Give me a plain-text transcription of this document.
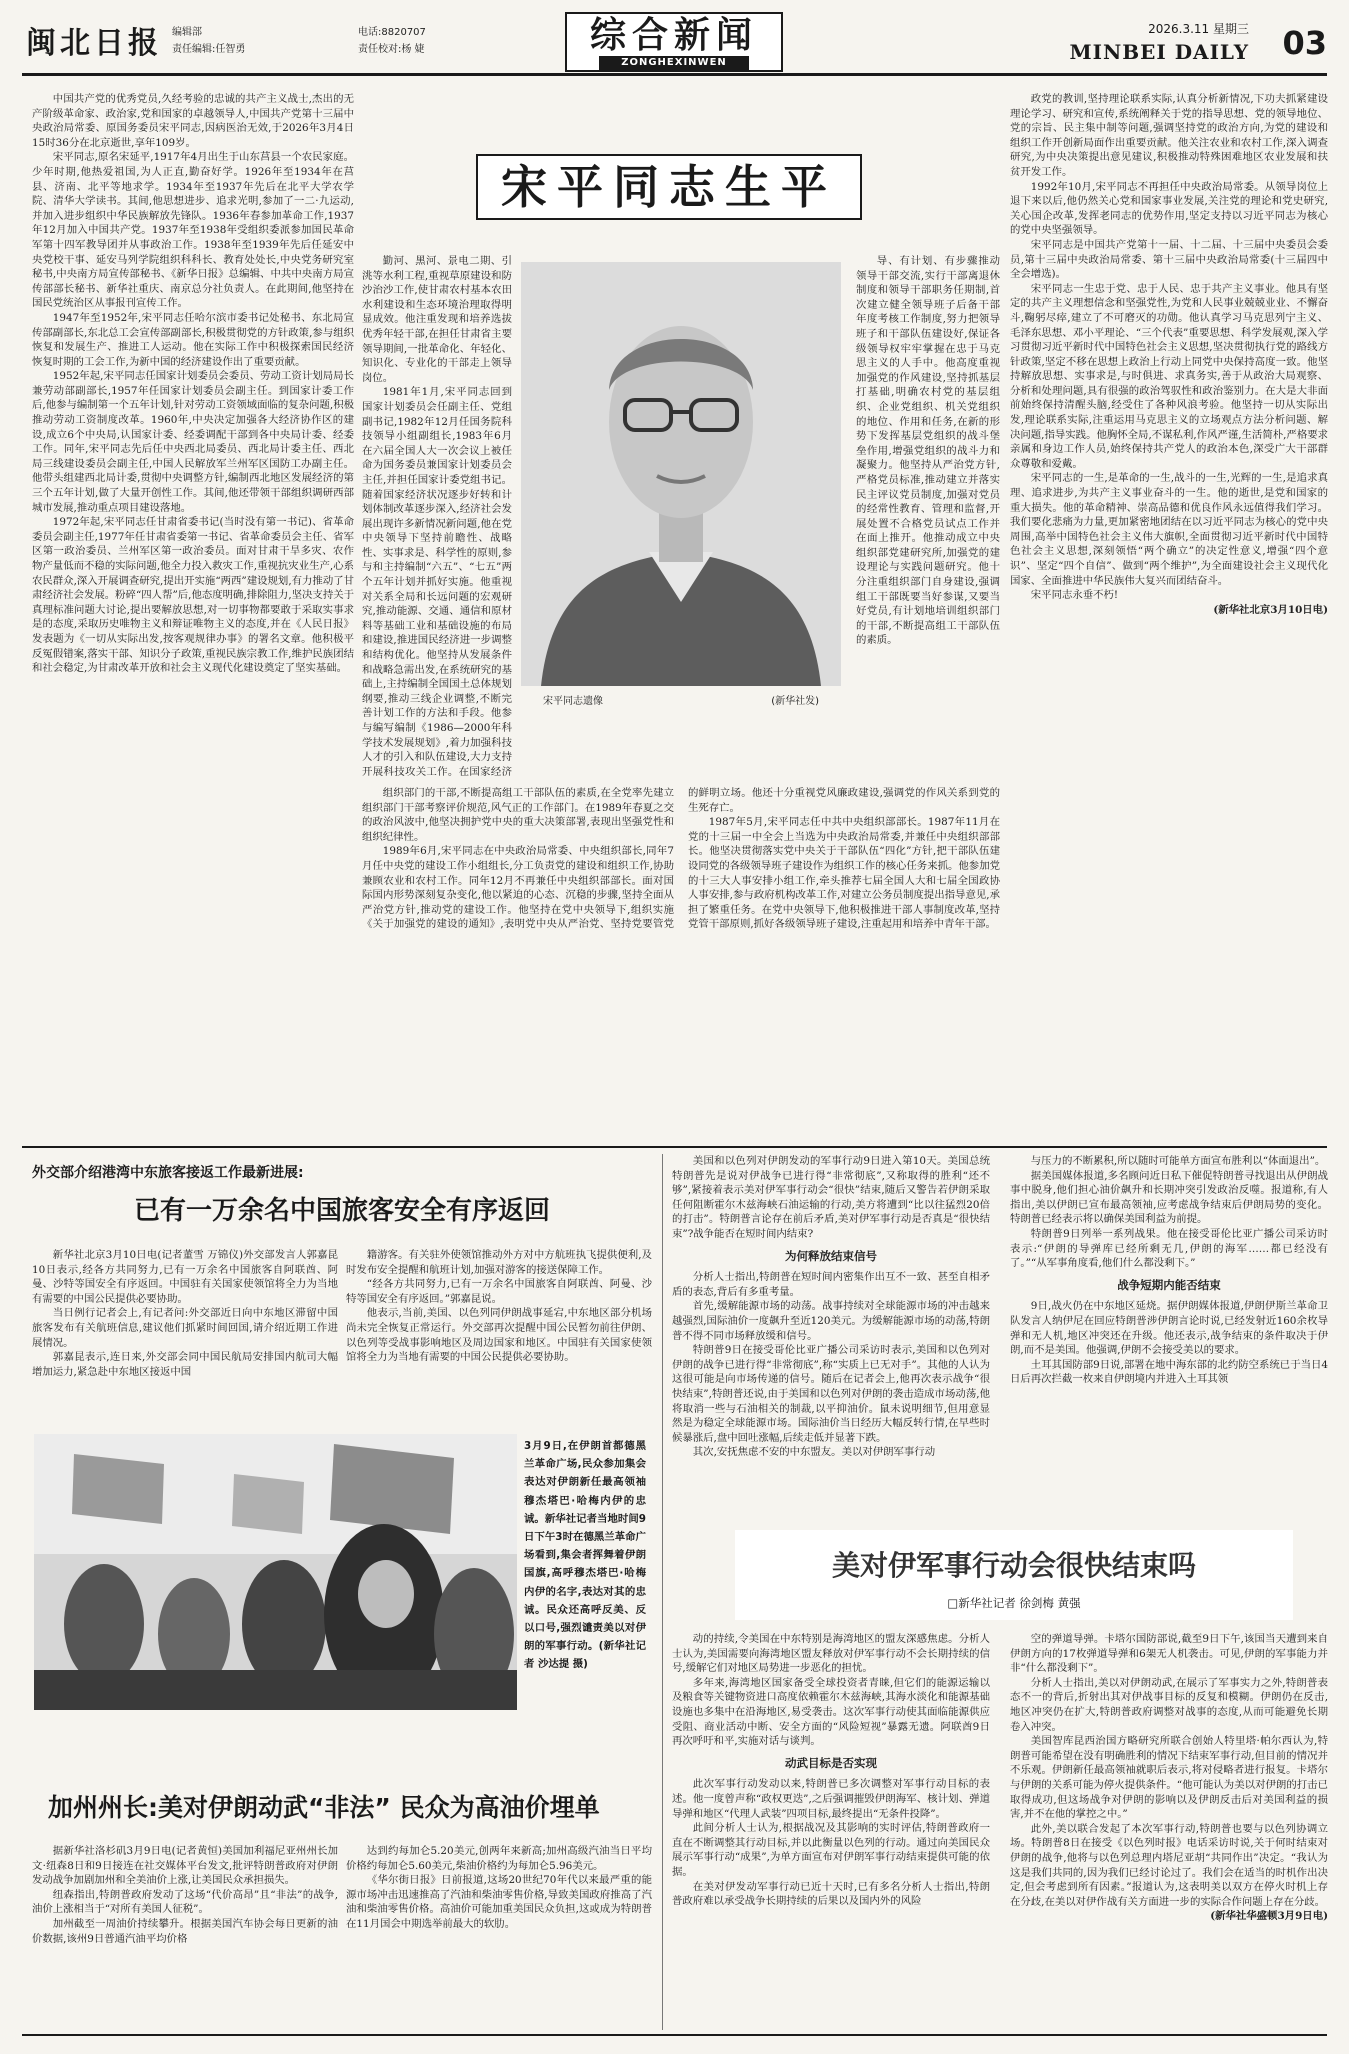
闽北日报 编辑部
责任编辑:任智勇
电话:8820707
责任校对:杨 婕	综合新闻
ZONGHEXINWEN
2026.3.11 星期三
MINBEI DAILY 03

中国共产党的优秀党员,久经考验的忠诚的共产主义战士,杰出的无产阶级革命家、政治家,党和国家的卓越领导人,中国共产党第十三届中央政治局常委、原国务委员宋平同志,因病医治无效,于2026年3月4日15时36分在北京逝世,享年109岁。

宋平同志,原名宋延平,1917年4月出生于山东莒县一个农民家庭。少年时期,他热爱祖国,为人正直,勤奋好学。1926年至1934年在莒县、济南、北平等地求学。1934年至1937年先后在北平大学农学院、清华大学读书。其间,他思想进步、追求光明,参加了一二·九运动,并加入进步组织中华民族解放先锋队。1936年春参加革命工作,1937年12月加入中国共产党。1937年至1938年受组织委派参加国民革命军第十四军教导团并从事政治工作。1938年至1939年先后任延安中央党校干事、延安马列学院组织科科长、教育处处长,中央党务研究室秘书,中央南方局宣传部秘书、《新华日报》总编辑、中共中央南方局宣传部部长秘书、新华社重庆、南京总分社负责人。在此期间,他坚持在国民党统治区从事报刊宣传工作。

1947年至1952年,宋平同志任哈尔滨市委书记处秘书、东北局宣传部副部长,东北总工会宣传部副部长,积极贯彻党的方针政策,参与组织恢复和发展生产、推进工人运动。他在实际工作中积极探索国民经济恢复时期的工会工作,为新中国的经济建设作出了重要贡献。

1952年起,宋平同志任国家计划委员会委员、劳动工资计划局局长兼劳动部副部长,1957年任国家计划委员会副主任。到国家计委工作后,他参与编制第一个五年计划,针对劳动工资领域面临的复杂问题,积极推动劳动工资制度改革。1960年,中央决定加强各大经济协作区的建设,成立6个中央局,认国家计委、经委调配干部到各中央局计委、经委工作。同年,宋平同志先后任中央西北局委员、西北局计委主任、西北局三线建设委员会副主任,中国人民解放军兰州军区国防工办副主任。他带头组建西北局计委,贯彻中央调整方针,编制西北地区发展经济的第三个五年计划,做了大量开创性工作。其间,他还带领干部组织调研西部城市发展,推动重点项目建设落地。

1972年起,宋平同志任甘肃省委书记(当时没有第一书记)、省革命委员会副主任,1977年任甘肃省委第一书记、省革命委员会主任、省军区第一政治委员、兰州军区第一政治委员。面对甘肃干旱多灾、农作物产量低而不稳的实际问题,他全力投入救灾工作,重视抗灾业生产,心系农民群众,深入开展调查研究,提出开实施“两西”建设规划,有力推动了甘肃经济社会发展。粉碎“四人帮”后,他态度明确,排除阻力,坚决支持关于真理标准问题大讨论,提出要解放思想,对一切事物都要敢于采取实事求是的态度,采取历史唯物主义和辩证唯物主义的态度,并在《人民日报》发表题为《一切从实际出发,按客观规律办事》的署名文章。他积极平反冤假错案,落实干部、知识分子政策,重视民族宗教工作,维护民族团结和社会稳定,为甘肃改革开放和社会主义现代化建设奠定了坚实基础。

宋平同志生平

勤河、黑河、景电二期、引洮等水利工程,重视草原建设和防沙治沙工作,使甘肃农村基本农田水利建设和生态环境治理取得明显成效。他注重发现和培养选拔优秀年轻干部,在担任甘肃省主要领导期间,一批革命化、年轻化、知识化、专业化的干部走上领导岗位。

1981年1月,宋平同志回到国家计划委员会任副主任、党组副书记,1982年12月任国务院科技领导小组副组长,1983年6月在六届全国人大一次会议上被任命为国务委员兼国家计划委员会主任,并担任国家计委党组书记。随着国家经济状况逐步好转和计划体制改革逐步深入,经济社会发展出现许多新情况新问题,他在党中央领导下坚持前瞻性、战略性、实事求是、科学性的原则,参与和主持编制“六五”、“七五”两个五年计划并抓好实施。他重视对关系全局和长远问题的宏观研究,推动能源、交通、通信和原材料等基础工业和基础设施的布局和建设,推进国民经济进一步调整和结构优化。他坚持从发展条件和战略急需出发,在系统研究的基础上,主持编制全国国土总体规划纲要,推动三线企业调整,不断完善计划工作的方法和手段。他参与编写编制《1986—2000年科学技术发展规划》,着力加强科技人才的引入和队伍建设,大力支持开展科技攻关工作。在国家经济

宋平同志遗像	(新华社发)

导、有计划、有步骤推动领导干部交流,实行干部离退休制度和领导干部职务任期制,首次建立健全领导班子后备干部年度考核工作制度,努力把领导班子和干部队伍建设好,保证各级领导权牢牢掌握在忠于马克思主义的人手中。他高度重视加强党的作风建设,坚持抓基层打基础,明确农村党的基层组织、企业党组织、机关党组织的地位、作用和任务,在新的形势下发挥基层党组织的战斗堡垒作用,增强党组织的战斗力和凝聚力。他坚持从严治党方针,严格党员标准,推动建立并落实民主评议党员制度,加强对党员的经常性教育、管理和监督,开展处置不合格党员试点工作并在面上推开。他推动成立中央组织部党建研究所,加强党的建设理论与实践问题研究。他十分注重组织部门自身建设,强调组工干部既要当好参谋,又要当好党员,有计划地培训组织部门的干部,不断提高组工干部队伍的素质。

组织部门的干部,不断提高组工干部队伍的素质,在全党率先建立组织部门干部考察评价规范,风气正的工作部门。在1989年春夏之交的政治风波中,他坚决拥护党中央的重大决策部署,表现出坚强党性和组织纪律性。

1989年6月,宋平同志在中央政治局常委、中央组织部长,同年7月任中央党的建设工作小组组长,分工负责党的建设和组织工作,协助兼顾农业和农村工作。同年12月不再兼任中央组织部部长。面对国际国内形势深刻复杂变化,他以紧迫的心态、沉稳的步骤,坚持全面从严治党方针,推动党的建设工作。他坚持在党中央领导下,组织实施《关于加强党的建设的通知》,表明党中央从严治党、坚持党要管党的鲜明立场。他还十分重视党风廉政建设,强调党的作风关系到党的生死存亡。

1987年5月,宋平同志任中共中央组织部部长。1987年11月在党的十三届一中全会上当选为中央政治局常委,并兼任中央组织部部长。他坚决贯彻落实党中央关于干部队伍“四化”方针,把干部队伍建设同党的各级领导班子建设作为组织工作的核心任务来抓。他参加党的十三大人事安排小组工作,牵头推荐七届全国人大和七届全国政协人事安排,参与政府机构改革工作,对建立公务员制度提出指导意见,承担了繁重任务。在党中央领导下,他积极推进干部人事制度改革,坚持党管干部原则,抓好各级领导班子建设,注重起用和培养中青年干部。

政党的教训,坚持理论联系实际,认真分析新情况,下功夫抓紧建设理论学习、研究和宣传,系统阐释关于党的指导思想、党的领导地位、党的宗旨、民主集中制等问题,强调坚持党的政治方向,为党的建设和组织工作开创新局面作出重要贡献。他关注农业和农村工作,深入调查研究,为中央决策提出意见建议,积极推动特殊困难地区农业发展和扶贫开发工作。

1992年10月,宋平同志不再担任中央政治局常委。从领导岗位上退下来以后,他仍然关心党和国家事业发展,关注党的理论和党史研究,关心国企改革,发挥老同志的优势作用,坚定支持以习近平同志为核心的党中央坚强领导。

宋平同志是中国共产党第十一届、十二届、十三届中央委员会委员,第十三届中央政治局常委、第十三届中央政治局常委(十三届四中全会增选)。

宋平同志一生忠于党、忠于人民、忠于共产主义事业。他具有坚定的共产主义理想信念和坚强党性,为党和人民事业兢兢业业、不懈奋斗,鞠躬尽瘁,建立了不可磨灭的功勋。他认真学习马克思列宁主义、毛泽东思想、邓小平理论、“三个代表”重要思想、科学发展观,深入学习贯彻习近平新时代中国特色社会主义思想,坚决贯彻执行党的路线方针政策,坚定不移在思想上政治上行动上同党中央保持高度一致。他坚持解放思想、实事求是,与时俱进、求真务实,善于从政治大局观察、分析和处理问题,具有很强的政治驾驭性和政治鉴别力。在大是大非面前始终保持清醒头脑,经受住了各种风浪考验。他坚持一切从实际出发,理论联系实际,注重运用马克思主义的立场观点方法分析问题、解决问题,指导实践。他胸怀全局,不谋私利,作风严谨,生活简朴,严格要求亲属和身边工作人员,始终保持共产党人的政治本色,深受广大干部群众尊敬和爱戴。

宋平同志的一生,是革命的一生,战斗的一生,光辉的一生,是追求真理、追求进步,为共产主义事业奋斗的一生。他的逝世,是党和国家的重大损失。他的革命精神、崇高品德和优良作风永远值得我们学习。我们要化悲痛为力量,更加紧密地团结在以习近平同志为核心的党中央周围,高举中国特色社会主义伟大旗帜,全面贯彻习近平新时代中国特色社会主义思想,深刻领悟“两个确立”的决定性意义,增强“四个意识”、坚定“四个自信”、做到“两个维护”,为全面建设社会主义现代化国家、全面推进中华民族伟大复兴而团结奋斗。

宋平同志永垂不朽!

(新华社北京3月10日电)

外交部介绍港湾中东旅客接返工作最新进展:
已有一万余名中国旅客安全有序返回

新华社北京3月10日电(记者董雪 万锦仪)外交部发言人郭嘉昆10日表示,经各方共同努力,已有一万余名中国旅客自阿联酋、阿曼、沙特等国安全有序返回。中国驻有关国家使领馆将全力为当地有需要的中国公民提供必要协助。

当日例行记者会上,有记者问:外交部近日向中东地区滞留中国旅客发布有关航班信息,建议他们抓紧时间回国,请介绍近期工作进展情况。

郭嘉昆表示,连日来,外交部会同中国民航局安排国内航司大幅增加运力,紧急赴中东地区接返中国

籍游客。有关驻外使领馆推动外方对中方航班执飞提供便利,及时发布安全提醒和航班计划,加强对游客的接送保障工作。

“经各方共同努力,已有一万余名中国旅客自阿联酋、阿曼、沙特等国安全有序返回。”郭嘉昆说。

他表示,当前,美国、以色列同伊朗战事延宕,中东地区部分机场尚未完全恢复正常运行。外交部再次提醒中国公民暂勿前往伊朗、以色列等受战事影响地区及周边国家和地区。中国驻有关国家使领馆将全力为当地有需要的中国公民提供必要协助。

3月9日,在伊朗首都德黑兰革命广场,民众参加集会表达对伊朗新任最高领袖穆杰塔巴·哈梅内伊的忠诚。新华社记者当地时间9日下午3时在德黑兰革命广场看到,集会者挥舞着伊朗国旗,高呼穆杰塔巴·哈梅内伊的名字,表达对其的忠诚。民众还高呼反美、反以口号,强烈谴责美以对伊朗的军事行动。(新华社记者 沙达提 摄)
加州州长:美对伊朗动武“非法” 民众为高油价埋单

据新华社洛杉矶3月9日电(记者黄恒)美国加利福尼亚州州长加文·纽森8日和9日接连在社交媒体平台发文,批评特朗普政府对伊朗发动战争加剧加州和全美油价上涨,让美国民众承担损失。

纽森指出,特朗普政府发动了这场“代价高昂”且“非法”的战争,油价上涨相当于“对所有美国人征税”。

加州截至一周油价持续攀升。根据美国汽车协会每日更新的油价数据,该州9日普通汽油平均价格

达到约每加仑5.20美元,创两年来新高;加州高级汽油当日平均价格约每加仑5.60美元,柴油价格约为每加仑5.96美元。

《华尔街日报》日前报道,这场20世纪70年代以来最严重的能源市场冲击迅速推高了汽油和柴油零售价格,导致美国政府推高了汽油和柴油零售价格。高油价可能加重美国民众负担,这或成为特朗普在11月国会中期选举前最大的软肋。

美国和以色列对伊朗发动的军事行动9日进入第10天。美国总统特朗普先是说对伊战争已进行得“非常彻底”,又称取得的胜利“还不够”,紧接着表示美对伊军事行动会“很快”结束,随后又警告若伊朗采取任何阻断霍尔木兹海峡石油运输的行动,美方将遭到“比以往猛烈20倍的打击”。特朗普言论存在前后矛盾,美对伊军事行动是否真是“很快结束”?战争能否在短时间内结束?

为何释放结束信号

分析人士指出,特朗普在短时间内密集作出互不一致、甚至自相矛盾的表态,背后有多重考量。

首先,缓解能源市场的动荡。战事持续对全球能源市场的冲击越来越强烈,国际油价一度飙升至近120美元。为缓解能源市场的动荡,特朗普不得不同市场释放缓和信号。

特朗普9日在接受哥伦比亚广播公司采访时表示,美国和以色列对伊朗的战争已进行得“非常彻底”,称“实质上已无对手”。其他的人认为这很可能是向市场传递的信号。随后在记者会上,他再次表示战争“很快结束”,特朗普还说,由于美国和以色列对伊朗的袭击造成市场动荡,他将取消一些与石油相关的制裁,以平抑油价。鼠未说明细节,但用意显然是为稳定全球能源市场。国际油价当日经历大幅反转行情,在早些时候暴涨后,盘中回吐涨幅,后续走低并显著下跌。

其次,安抚焦虑不安的中东盟友。美以对伊朗军事行动

与压力的不断累积,所以随时可能单方面宣布胜利以“体面退出”。

据美国媒体报道,多名顾问近日私下催促特朗普寻找退出从伊朗战事中脱身,他们担心油价飙升和长期冲突引发政治反噬。报道称,有人指出,美以伊朗已宣布最高领袖,应考虑战争结束后伊朗局势的变化。特朗普已经表示将以确保美国利益为前提。

特朗普9日列举一系列战果。他在接受哥伦比亚广播公司采访时表示:“伊朗的导弹库已经所剩无几,伊朗的海军……都已经没有了。”“从军事角度看,他们什么都没剩下。”

战争短期内能否结束

9日,战火仍在中东地区延烧。据伊朗媒体报道,伊朗伊斯兰革命卫队发言人纳伊尼在回应特朗普涉伊朗言论时说,已经发射近160余枚导弹和无人机,地区冲突还在升级。他还表示,战争结束的条件取决于伊朗,而不是美国。他强调,伊朗不会接受美以的要求。

土耳其国防部9日说,部署在地中海东部的北约防空系统已于当日4日后再次拦截一枚来自伊朗境内并进入土耳其领

美对伊军事行动会很快结束吗
□新华社记者 徐剑梅 黄强

动的持续,令美国在中东特别是海湾地区的盟友深感焦虑。分析人士认为,美国需要向海湾地区盟友释放对伊军事行动不会长期持续的信号,缓解它们对地区局势进一步恶化的担忧。

多年来,海湾地区国家备受全球投资者青睐,但它们的能源运输以及粮食等关键物资进口高度依赖霍尔木兹海峡,其海水淡化和能源基础设施也多集中在沿海地区,易受袭击。这次军事行动使其面临能源供应受阻、商业活动中断、安全方面的“风险短视”暴露无遗。阿联酋9日再次呼吁和平,实施对话与谈判。

动武目标是否实现

此次军事行动发动以来,特朗普已多次调整对军事行动目标的表述。他一度曾声称“政权更迭”,之后强调摧毁伊朗海军、核计划、弹道导弹和地区“代理人武装”四项目标,最终提出“无条件投降”。

此间分析人士认为,根据战况及其影响的实时评估,特朗普政府一直在不断调整其行动目标,并以此衡量以色列的行动。通过向美国民众展示军事行动“成果”,为单方面宣布对伊朗军事行动结束提供可能的依据。

在美对伊发动军事行动已近十天时,已有多名分析人士指出,特朗普政府难以承受战争长期持续的后果以及国内外的风险

空的弹道导弹。卡塔尔国防部说,截至9日下午,该国当天遭到来自伊朗方向的17枚弹道导弹和6架无人机袭击。可见,伊朗的军事能力并非“什么都没剩下”。

分析人士指出,美以对伊朗动武,在展示了军事实力之外,特朗普表态不一的背后,折射出其对伊战事目标的反复和模糊。伊朗仍在反击,地区冲突仍在扩大,特朗普政府调整对战事的态度,从而可能避免长期卷入冲突。

美国智库昆西治国方略研究所联合创始人特里塔·帕尔西认为,特朗普可能希望在没有明确胜利的情况下结束军事行动,但目前的情况并不乐观。伊朗新任最高领袖就职后表示,将对侵略者进行报复。卡塔尔与伊朗的关系可能为停火提供条件。“他可能认为美以对伊朗的打击已取得成功,但这场战争对伊朗的影响以及伊朗反击后对美国利益的损害,并不在他的掌控之中。”

此外,美以联合发起了本次军事行动,特朗普也要与以色列协调立场。特朗普8日在接受《以色列时报》电话采访时说,关于何时结束对伊朗的战争,他将与以色列总理内塔尼亚胡“共同作出”决定。“我认为这是我们共同的,因为我们已经讨论过了。我们会在适当的时机作出决定,但会考虑到所有因素。”报道认为,这表明美以双方在停火时机上存在分歧,在美以对伊作战有关方面进一步的实际合作问题上存在分歧。

(新华社华盛顿3月9日电)
